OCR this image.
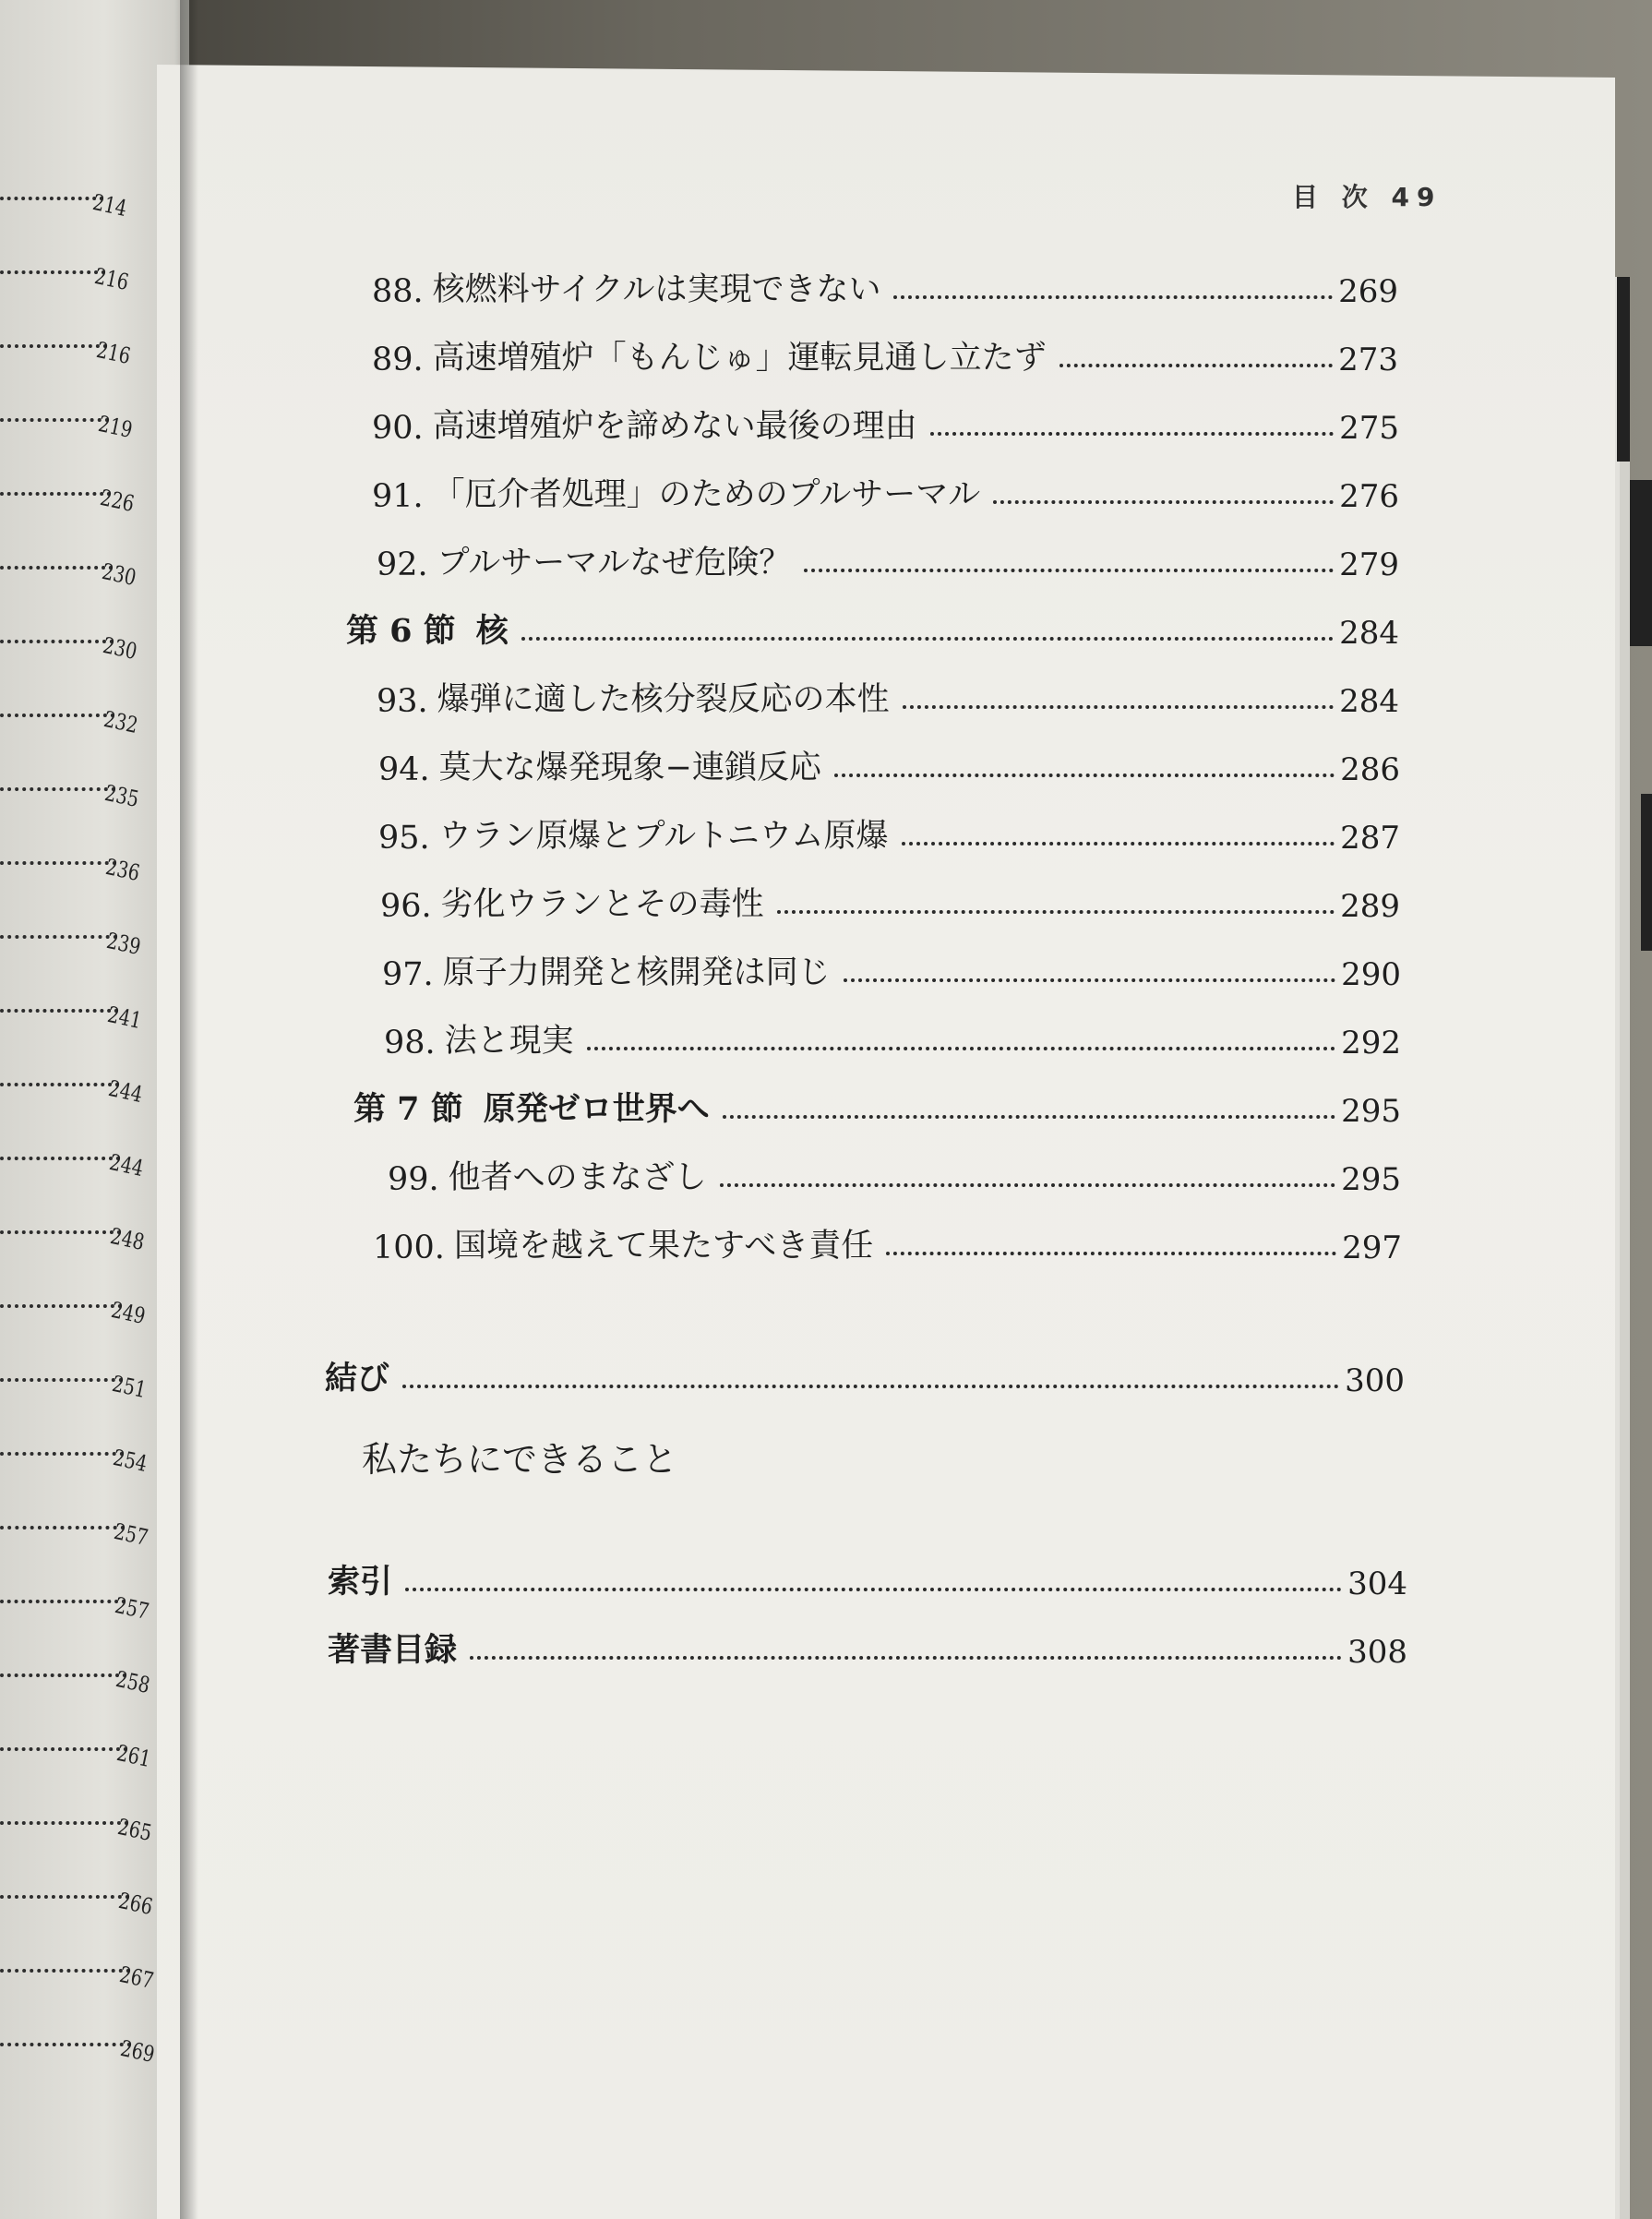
214
216
216
219
226
230
230
232
235
236
239
241
244
244
248
249
251
254
257
257
258
261
265
266
267
269
目 次 49
88. 核燃料サイクルは実現できない	269
89. 高速増殖炉「もんじゅ」運転見通し立たず	273
90. 高速増殖炉を諦めない最後の理由	275
91. 「厄介者処理」のためのプルサーマル	276
92. プルサーマルなぜ危険？	279
第 6 節 核	284
93. 爆弾に適した核分裂反応の本性	284
94. 莫大な爆発現象−連鎖反応	286
95. ウラン原爆とプルトニウム原爆	287
96. 劣化ウランとその毒性	289
97. 原子力開発と核開発は同じ	290
98. 法と現実	292
第 7 節 原発ゼロ世界へ	295
99. 他者へのまなざし	295
100. 国境を越えて果たすべき責任	297
結び	300
私たちにできること
索引	304
著書目録	308
